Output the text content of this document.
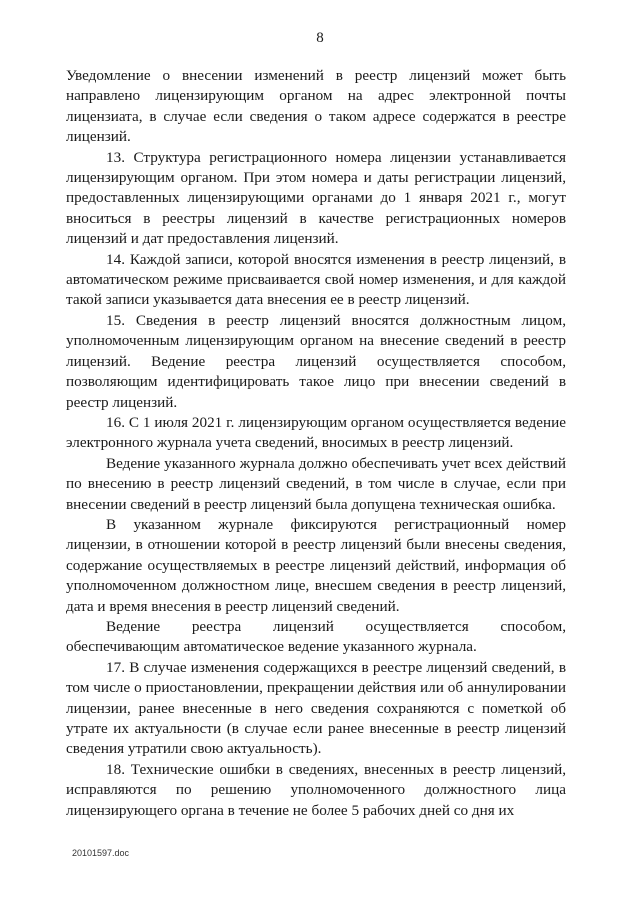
8

Уведомление о внесении изменений в реестр лицензий может быть направлено лицензирующим органом на адрес электронной почты лицензиата, в случае если сведения о таком адресе содержатся в реестре лицензий.

13. Структура регистрационного номера лицензии устанавливается лицензирующим органом. При этом номера и даты регистрации лицензий, предоставленных лицензирующими органами до 1 января 2021 г., могут вноситься в реестры лицензий в качестве регистрационных номеров лицензий и дат предоставления лицензий.

14. Каждой записи, которой вносятся изменения в реестр лицензий, в автоматическом режиме присваивается свой номер изменения, и для каждой такой записи указывается дата внесения ее в реестр лицензий.

15. Сведения в реестр лицензий вносятся должностным лицом, уполномоченным лицензирующим органом на внесение сведений в реестр лицензий. Ведение реестра лицензий осуществляется способом, позволяющим идентифицировать такое лицо при внесении сведений в реестр лицензий.

16. С 1 июля 2021 г. лицензирующим органом осуществляется ведение электронного журнала учета сведений, вносимых в реестр лицензий.

Ведение указанного журнала должно обеспечивать учет всех действий по внесению в реестр лицензий сведений, в том числе в случае, если при внесении сведений в реестр лицензий была допущена техническая ошибка.

В указанном журнале фиксируются регистрационный номер лицензии, в отношении которой в реестр лицензий были внесены сведения, содержание осуществляемых в реестре лицензий действий, информация об уполномоченном должностном лице, внесшем сведения в реестр лицензий, дата и время внесения в реестр лицензий сведений.

Ведение реестра лицензий осуществляется способом, обеспечивающим автоматическое ведение указанного журнала.

17. В случае изменения содержащихся в реестре лицензий сведений, в том числе о приостановлении, прекращении действия или об аннулировании лицензии, ранее внесенные в него сведения сохраняются с пометкой об утрате их актуальности (в случае если ранее внесенные в реестр лицензий сведения утратили свою актуальность).

18. Технические ошибки в сведениях, внесенных в реестр лицензий, исправляются по решению уполномоченного должностного лица лицензирующего органа в течение не более 5 рабочих дней со дня их

20101597.doc
